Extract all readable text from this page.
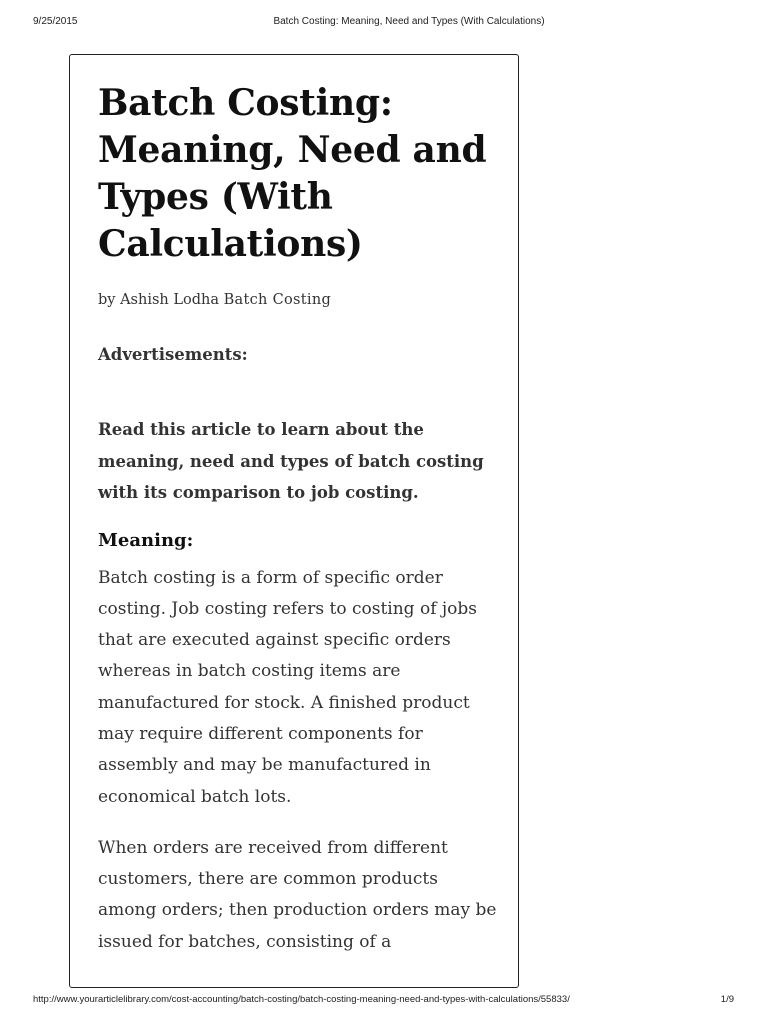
9/25/2015	Batch Costing: Meaning, Need and Types (With Calculations)
Batch Costing: Meaning, Need and Types (With Calculations)
by Ashish Lodha Batch Costing
Advertisements:
Read this article to learn about the meaning, need and types of batch costing with its comparison to job costing.
Meaning:
Batch costing is a form of specific order costing. Job costing refers to costing of jobs that are executed against specific orders whereas in batch costing items are manufactured for stock. A finished product may require different components for assembly and may be manufactured in economical batch lots.
When orders are received from different customers, there are common products among orders; then production orders may be issued for batches, consisting of a
http://www.yourarticlelibrary.com/cost-accounting/batch-costing/batch-costing-meaning-need-and-types-with-calculations/55833/	1/9
